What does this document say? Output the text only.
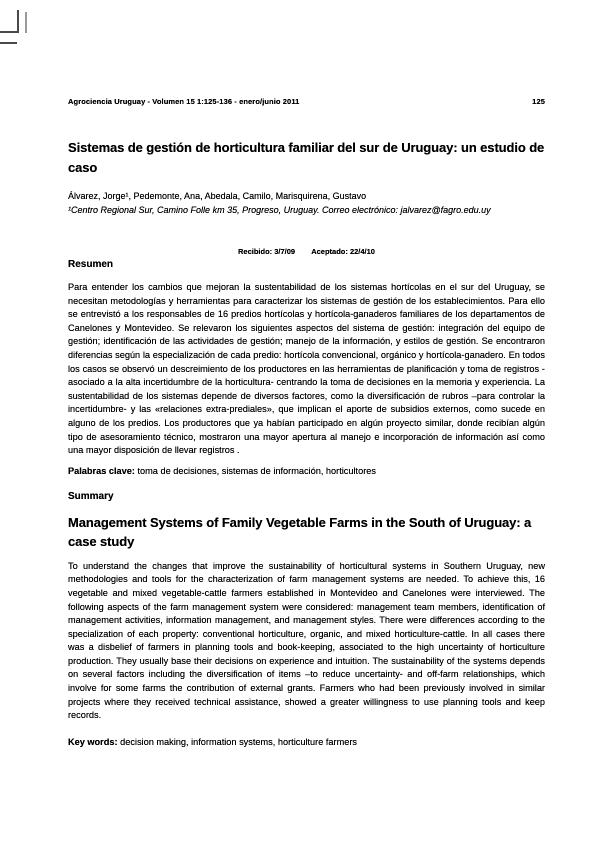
Agrociencia Uruguay - Volumen 15 1:125-136 - enero/junio 2011	125
Sistemas de gestión de horticultura familiar del sur de Uruguay: un estudio de caso

Álvarez, Jorge¹, Pedemonte, Ana, Abedala, Camilo, Marisquirena, Gustavo

¹Centro Regional Sur, Camino Folle km 35, Progreso, Uruguay. Correo electrónico: jalvarez@fagro.edu.uy

Recibido: 3/7/09 Aceptado: 22/4/10

Resumen

Para entender los cambios que mejoran la sustentabilidad de los sistemas hortícolas en el sur del Uruguay, se necesitan metodologías y herramientas para caracterizar los sistemas de gestión de los establecimientos. Para ello se entrevistó a los responsables de 16 predios hortícolas y hortícola-ganaderos familiares de los departamentos de Canelones y Montevideo. Se relevaron los siguientes aspectos del sistema de gestión: integración del equipo de gestión; identificación de las actividades de gestión; manejo de la información, y estilos de gestión. Se encontraron diferencias según la especialización de cada predio: hortícola convencional, orgánico y hortícola-ganadero. En todos los casos se observó un descreimiento de los productores en las herramientas de planificación y toma de registros -asociado a la alta incertidumbre de la horticultura- centrando la toma de decisiones en la memoria y experiencia. La sustentabilidad de los sistemas depende de diversos factores, como la diversificación de rubros –para controlar la incertidumbre- y las «relaciones extra-prediales», que implican el aporte de subsidios externos, como sucede en alguno de los predios. Los productores que ya habían participado en algún proyecto similar, donde recibían algún tipo de asesoramiento técnico, mostraron una mayor apertura al manejo e incorporación de información así como una mayor disposición de llevar registros .

Palabras clave: toma de decisiones, sistemas de información, horticultores

Summary
Management Systems of Family Vegetable Farms in the South of Uruguay: a case study

To understand the changes that improve the sustainability of horticultural systems in Southern Uruguay, new methodologies and tools for the characterization of farm management systems are needed. To achieve this, 16 vegetable and mixed vegetable-cattle farmers established in Montevideo and Canelones were interviewed. The following aspects of the farm management system were considered: management team members, identification of management activities, information management, and management styles. There were differences according to the specialization of each property: conventional horticulture, organic, and mixed horticulture-cattle. In all cases there was a disbelief of farmers in planning tools and book-keeping, associated to the high uncertainty of horticulture production. They usually base their decisions on experience and intuition. The sustainability of the systems depends on several factors including the diversification of items –to reduce uncertainty- and off-farm relationships, which involve for some farms the contribution of external grants. Farmers who had been previously involved in similar projects where they received technical assistance, showed a greater willingness to use planning tools and keep records.

Key words: decision making, information systems, horticulture farmers
